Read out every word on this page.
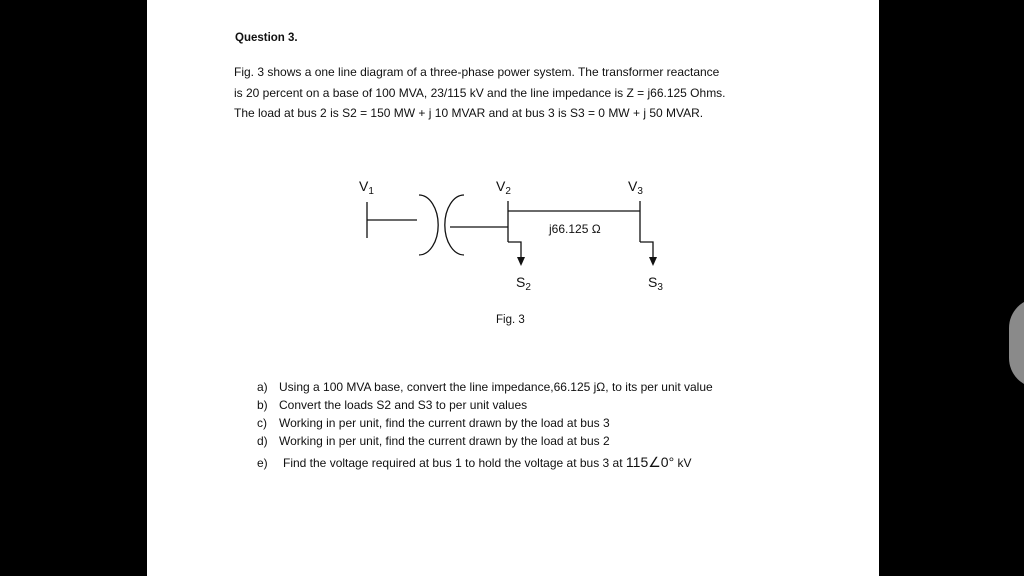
Question 3.

Fig. 3 shows a one line diagram of a three-phase power system. The transformer reactance
is 20 percent on a base of 100 MVA, 23/115 kV and the line impedance is Z = j66.125 Ohms.
The load at bus 2 is S2 = 150 MW + j 10 MVAR and at bus 3 is S3 = 0 MW + j 50 MVAR.

$V_1$	$V_2$	$V_3$
j66.125 Ω
$S_2$	$S_3$
Fig. 3
a) Using a 100 MVA base, convert the line impedance,66.125 jΩ, to its per unit value
b) Convert the loads S2 and S3 to per unit values
c) Working in per unit, find the current drawn by the load at bus 3
d) Working in per unit, find the current drawn by the load at bus 2
e) Find the voltage required at bus 1 to hold the voltage at bus 3 at 115∠0° kV
